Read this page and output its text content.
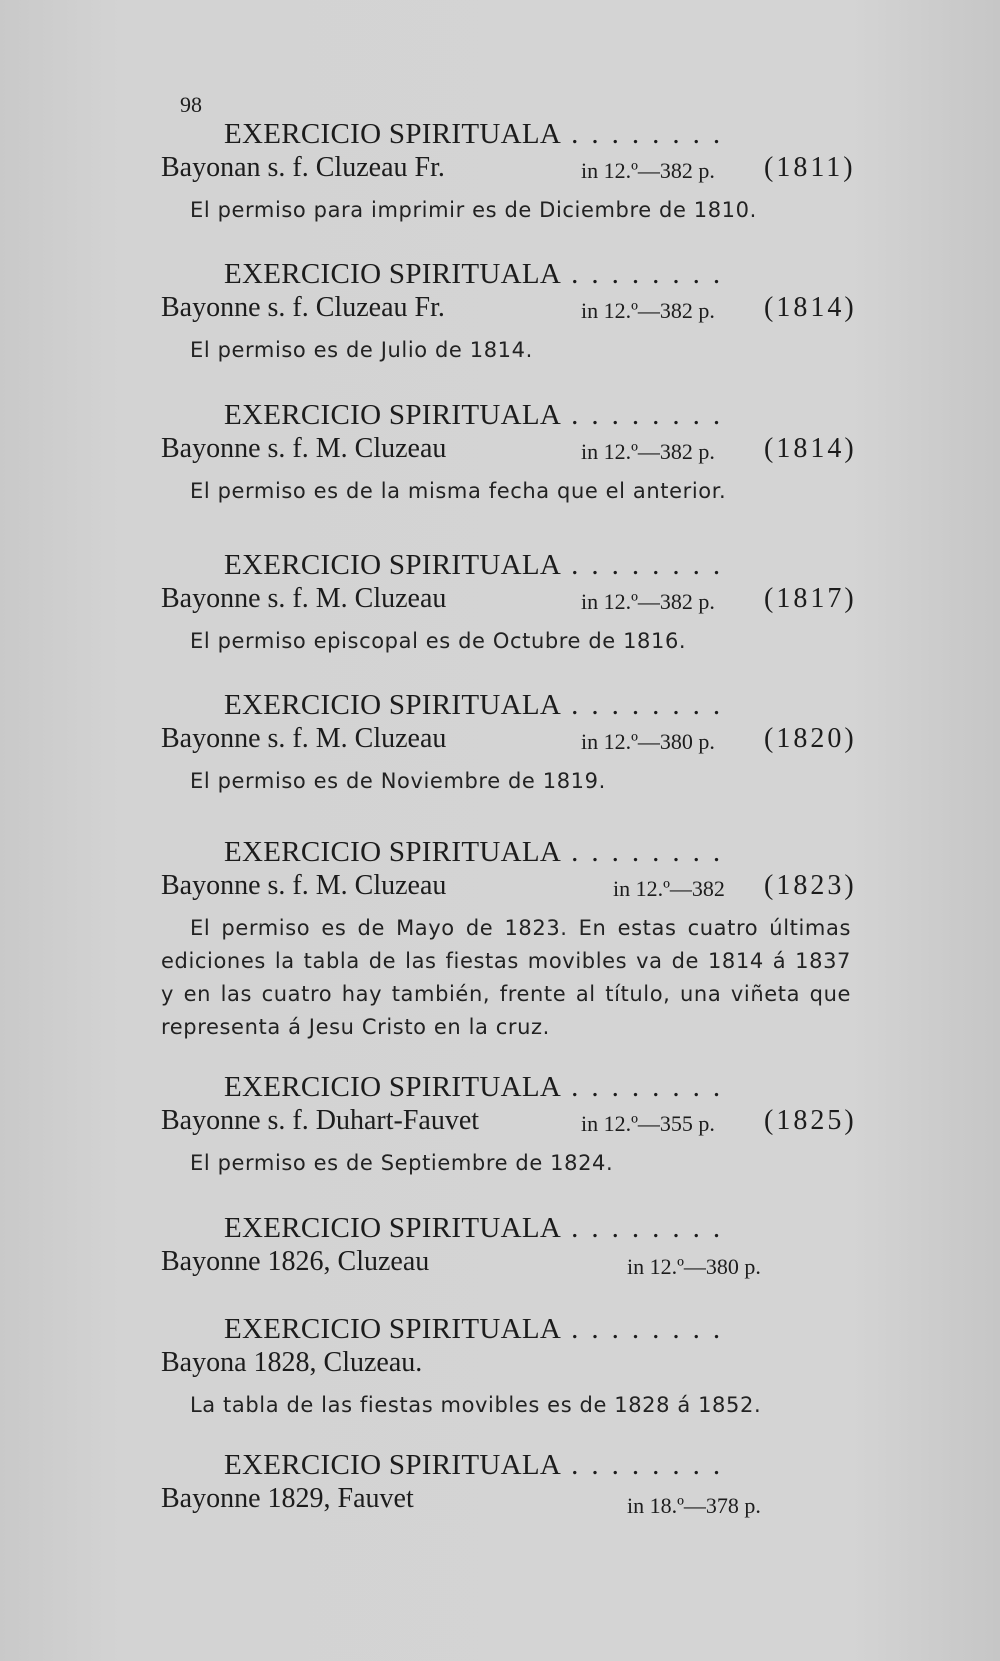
98
EXERCICIO SPIRITUALA ........
Bayonan s. f. Cluzeau Fr.	in 12.º—382 p. (1811)
El permiso para imprimir es de Diciembre de 1810.
EXERCICIO SPIRITUALA ........
Bayonne s. f. Cluzeau Fr.	in 12.º—382 p. (1814)
El permiso es de Julio de 1814.
EXERCICIO SPIRITUALA ........
Bayonne s. f. M. Cluzeau	in 12.º—382 p. (1814)
El permiso es de la misma fecha que el anterior.
EXERCICIO SPIRITUALA ........
Bayonne s. f. M. Cluzeau	in 12.º—382 p. (1817)
El permiso episcopal es de Octubre de 1816.
EXERCICIO SPIRITUALA ........
Bayonne s. f. M. Cluzeau	in 12.º—380 p. (1820)
El permiso es de Noviembre de 1819.
EXERCICIO SPIRITUALA ........
Bayonne s. f. M. Cluzeau	in 12.º—382 (1823)
El permiso es de Mayo de 1823. En estas cuatro últimas ediciones la tabla de las fiestas movibles va de 1814 á 1837 y en las cuatro hay también, frente al título, una viñeta que representa á Jesu Cristo en la cruz.
EXERCICIO SPIRITUALA ........
Bayonne s. f. Duhart-Fauvet	in 12.º—355 p. (1825)
El permiso es de Septiembre de 1824.
EXERCICIO SPIRITUALA ........
Bayonne 1826, Cluzeau	in 12.º—380 p.
EXERCICIO SPIRITUALA ........
Bayona 1828, Cluzeau.
La tabla de las fiestas movibles es de 1828 á 1852.
EXERCICIO SPIRITUALA ........
Bayonne 1829, Fauvet	in 18.º—378 p.
